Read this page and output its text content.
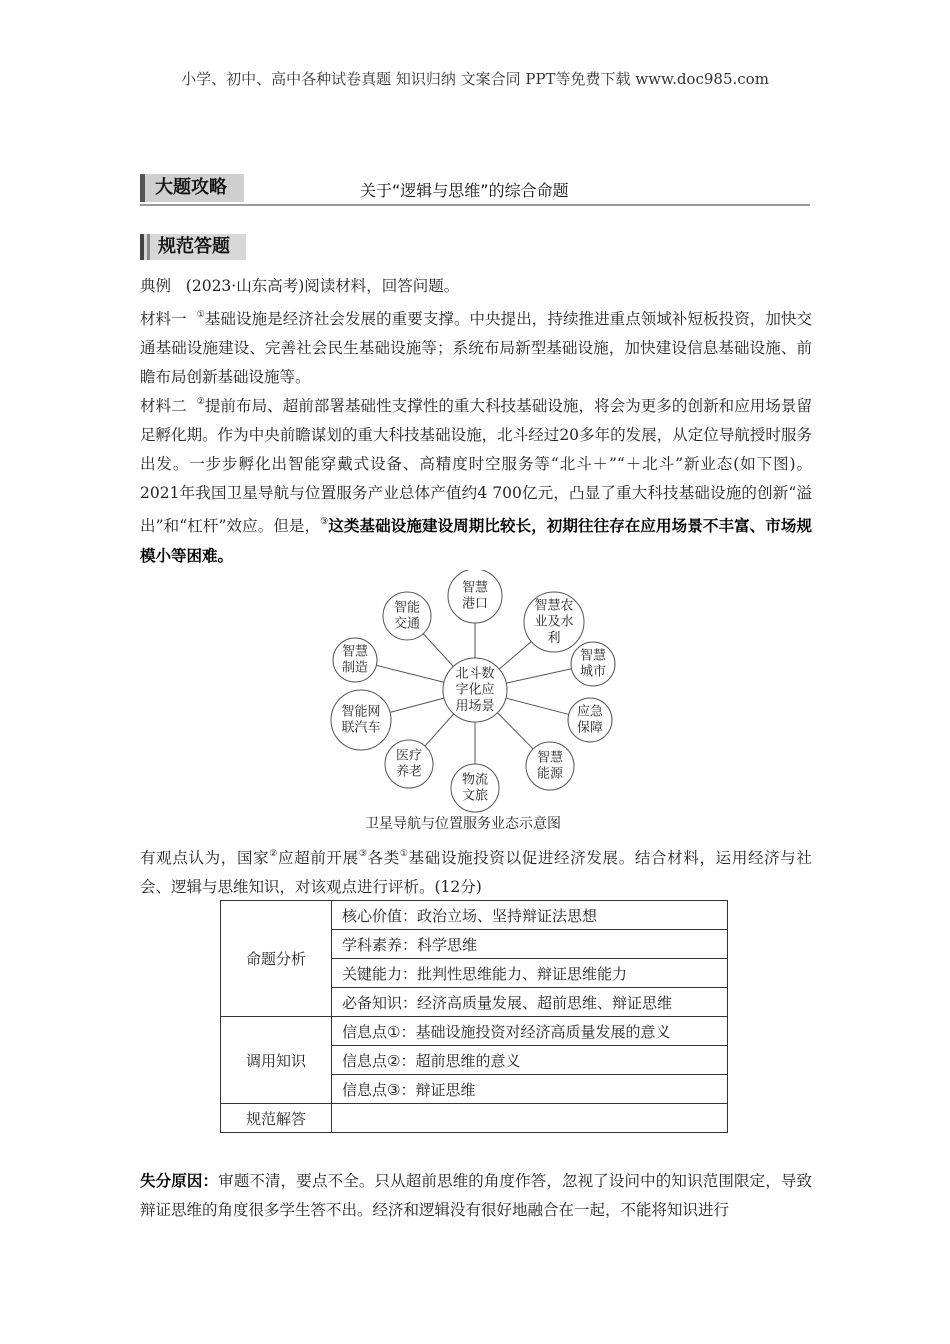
小学、初中、高中各种试卷真题 知识归纳 文案合同 PPT等免费下载 www.doc985.com
大题攻略	关于“逻辑与思维”的综合命题
规范答题
典例 (2023·山东高考)阅读材料，回答问题。
材料一 ①基础设施是经济社会发展的重要支撑。中央提出，持续推进重点领域补短板投资，加快交通基础设施建设、完善社会民生基础设施等；系统布局新型基础设施，加快建设信息基础设施、前瞻布局创新基础设施等。
材料二 ②提前布局、超前部署基础性支撑性的重大科技基础设施，将会为更多的创新和应用场景留足孵化期。作为中央前瞻谋划的重大科技基础设施，北斗经过20多年的发展，从定位导航授时服务出发。一步步孵化出智能穿戴式设备、高精度时空服务等“北斗＋”“＋北斗”新业态(如下图)。2021年我国卫星导航与位置服务产业总体产值约4 700亿元，凸显了重大科技基础设施的创新“溢出”和“杠杆”效应。但是，③这类基础设施建设周期比较长，初期往往存在应用场景不丰富、市场规模小等困难。
智慧
港口	智慧农
业及水
利
智慧
城市
应急
保障
智慧
能源
物流
文旅
医疗
养老
智能网
联汽车
智慧
制造
智能
交通
北斗数
字化应
用场景
卫星导航与位置服务业态示意图
有观点认为，国家②应超前开展③各类①基础设施投资以促进经济发展。结合材料，运用经济与社会、逻辑与思维知识，对该观点进行评析。(12分)
命题分析	核心价值：政治立场、坚持辩证法思想
	学科素养：科学思维
	关键能力：批判性思维能力、辩证思维能力
	必备知识：经济高质量发展、超前思维、辩证思维
调用知识	信息点①：基础设施投资对经济高质量发展的意义
	信息点②：超前思维的意义
	信息点③：辩证思维
规范解答	
失分原因：审题不清，要点不全。只从超前思维的角度作答，忽视了设问中的知识范围限定，导致辩证思维的角度很多学生答不出。经济和逻辑没有很好地融合在一起，不能将知识进行
